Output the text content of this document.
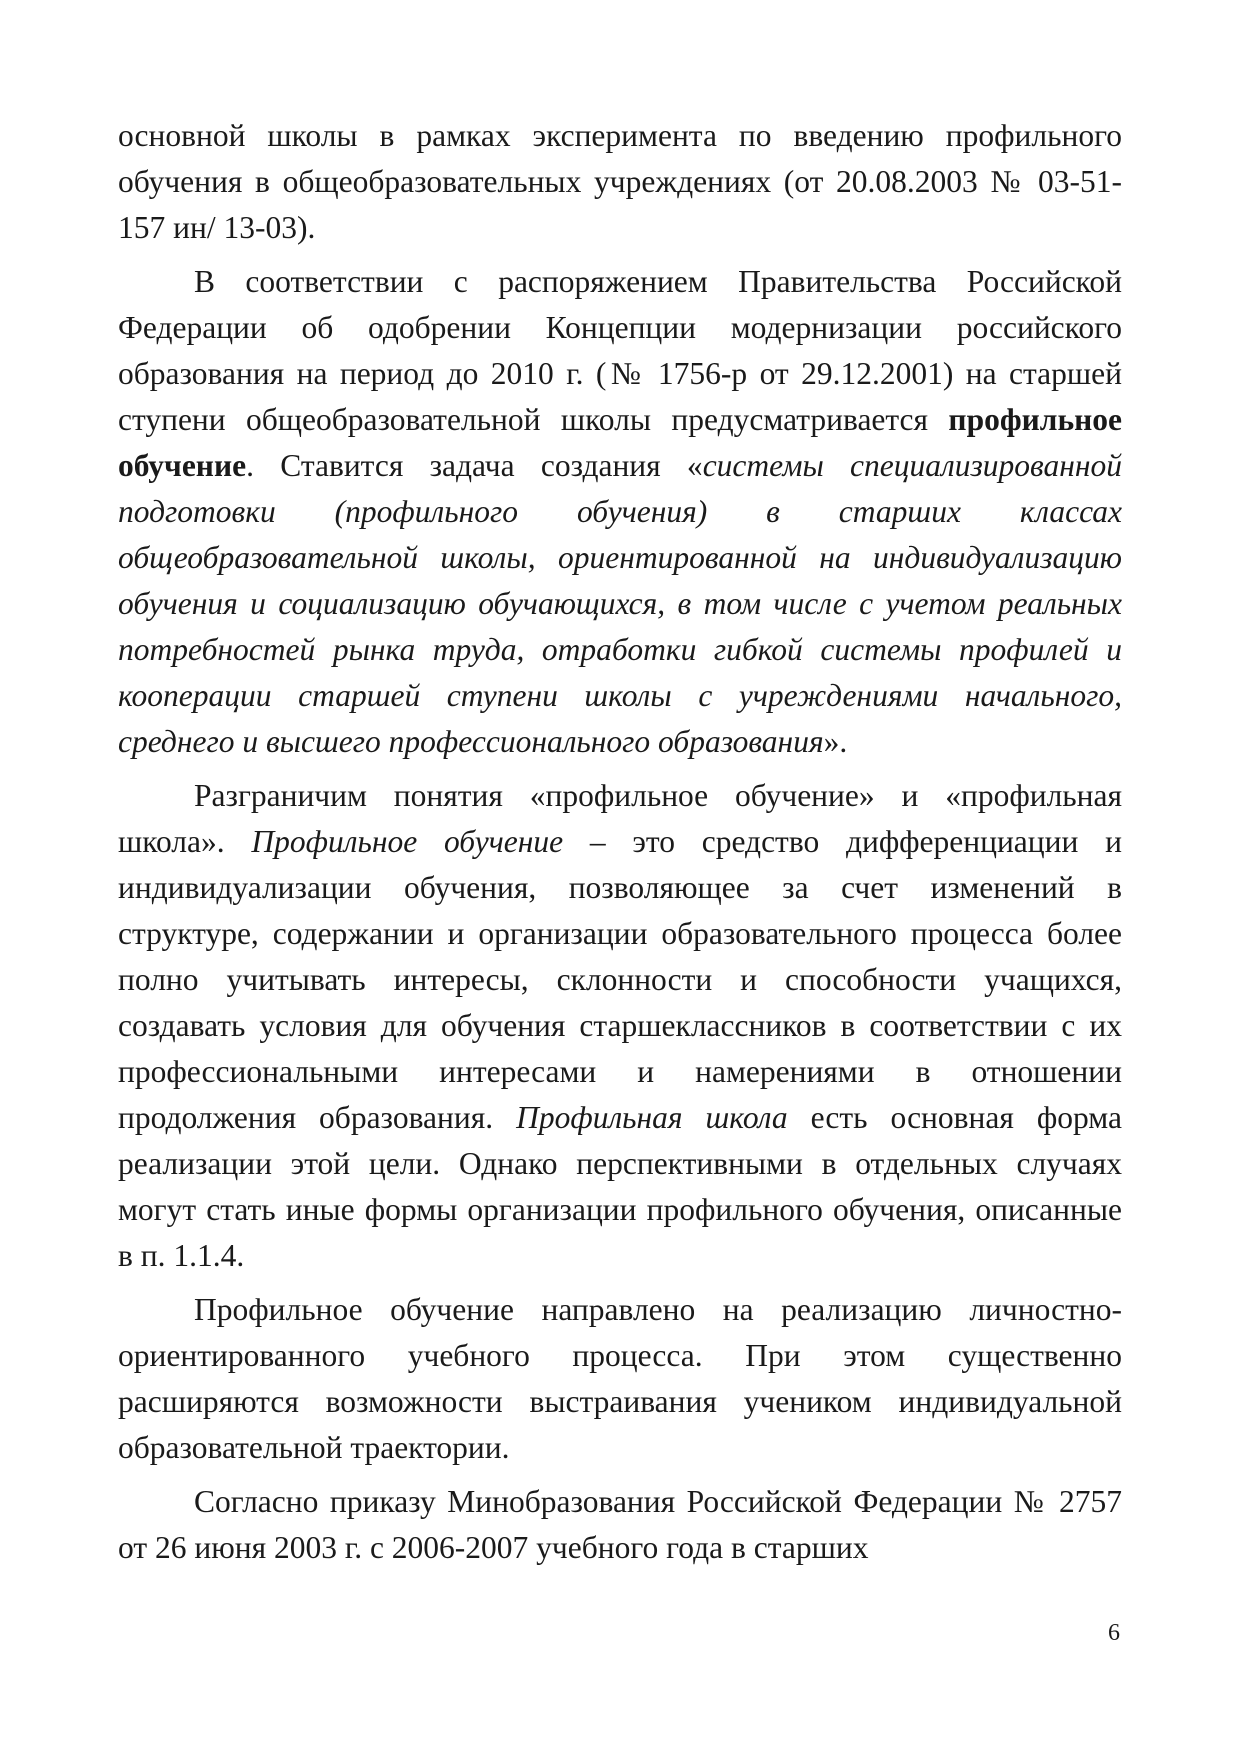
основной школы в рамках эксперимента по введению профильного обучения в общеобразовательных учреждениях (от 20.08.2003 № 03-51-157 ин/ 13-03).

В соответствии с распоряжением Правительства Российской Федерации об одобрении Концепции модернизации российского образования на период до 2010 г. (№ 1756-р от 29.12.2001) на старшей ступени общеобразовательной школы предусматривается профильное обучение. Ставится задача создания «системы специализированной подготовки (профильного обучения) в старших классах общеобразовательной школы, ориентированной на индивидуализацию обучения и социализацию обучающихся, в том числе с учетом реальных потребностей рынка труда, отработки гибкой системы профилей и кооперации старшей ступени школы с учреждениями начального, среднего и высшего профессионального образования».

Разграничим понятия «профильное обучение» и «профильная школа». Профильное обучение – это средство дифференциации и индивидуализации обучения, позволяющее за счет изменений в структуре, содержании и организации образовательного процесса более полно учитывать интересы, склонности и способности учащихся, создавать условия для обучения старшеклассников в соответствии с их профессиональными интересами и намерениями в отношении продолжения образования. Профильная школа есть основная форма реализации этой цели. Однако перспективными в отдельных случаях могут стать иные формы организации профильного обучения, описанные в п. 1.1.4.

Профильное обучение направлено на реализацию личностно-ориентированного учебного процесса. При этом существенно расширяются возможности выстраивания учеником индивидуальной образовательной траектории.

Согласно приказу Минобразования Российской Федерации № 2757 от 26 июня 2003 г. с 2006-2007 учебного года в старших

6
